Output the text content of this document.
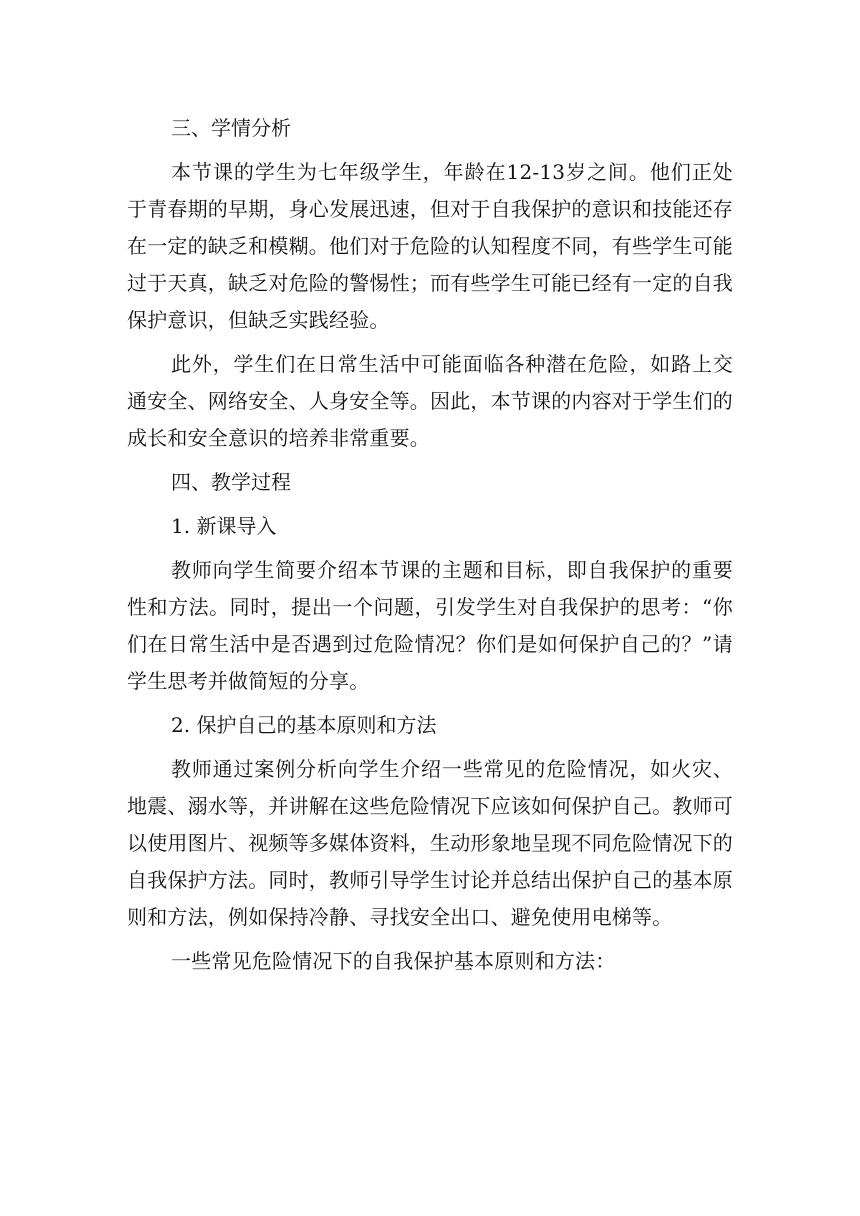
三、学情分析

本节课的学生为七年级学生，年龄在12-13岁之间。他们正处于青春期的早期，身心发展迅速，但对于自我保护的意识和技能还存在一定的缺乏和模糊。他们对于危险的认知程度不同，有些学生可能过于天真，缺乏对危险的警惕性；而有些学生可能已经有一定的自我保护意识，但缺乏实践经验。

此外，学生们在日常生活中可能面临各种潜在危险，如路上交通安全、网络安全、人身安全等。因此，本节课的内容对于学生们的成长和安全意识的培养非常重要。

四、教学过程

1. 新课导入

教师向学生简要介绍本节课的主题和目标，即自我保护的重要性和方法。同时，提出一个问题，引发学生对自我保护的思考：“你们在日常生活中是否遇到过危险情况？你们是如何保护自己的？”请学生思考并做简短的分享。

2. 保护自己的基本原则和方法

教师通过案例分析向学生介绍一些常见的危险情况，如火灾、地震、溺水等，并讲解在这些危险情况下应该如何保护自己。教师可以使用图片、视频等多媒体资料，生动形象地呈现不同危险情况下的自我保护方法。同时，教师引导学生讨论并总结出保护自己的基本原则和方法，例如保持冷静、寻找安全出口、避免使用电梯等。

一些常见危险情况下的自我保护基本原则和方法：
